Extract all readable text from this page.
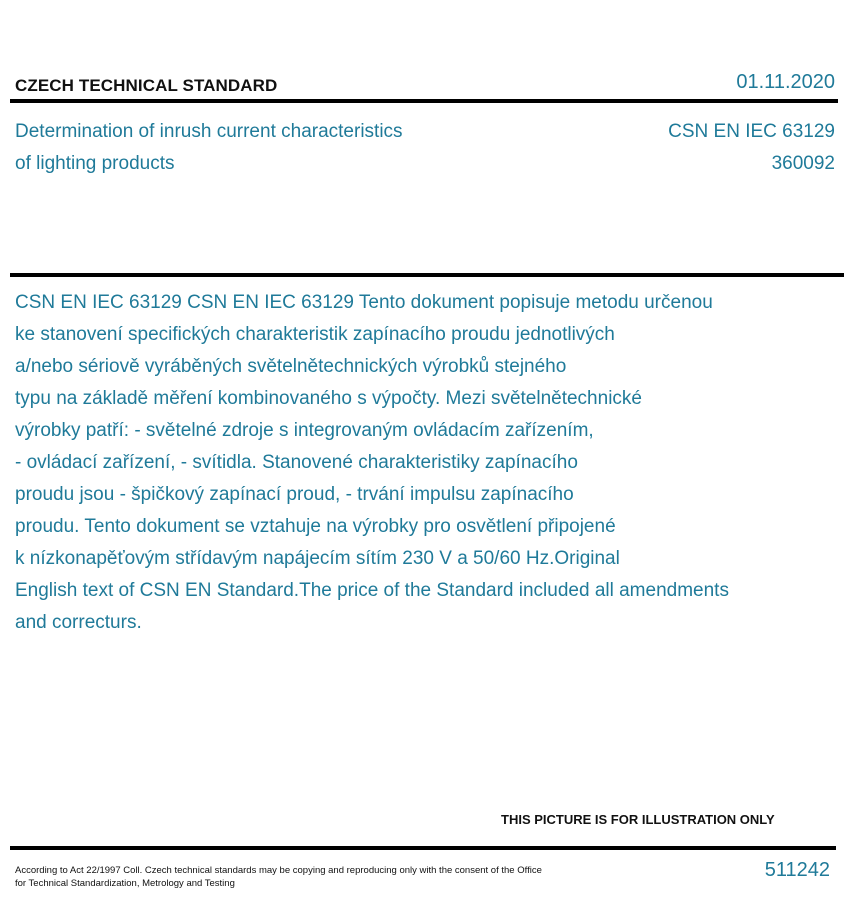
CZECH TECHNICAL STANDARD	01.11.2020
Determination of inrush current characteristics
of lighting products
CSN EN IEC 63129
360092
CSN EN IEC 63129 CSN EN IEC 63129 Tento dokument popisuje metodu určenou
ke stanovení specifických charakteristik zapínacího proudu jednotlivých
a/nebo sériově vyráběných světelnětechnických výrobků stejného
typu na základě měření kombinovaného s výpočty. Mezi světelnětechnické
výrobky patří: - světelné zdroje s integrovaným ovládacím zařízením,
- ovládací zařízení, - svítidla. Stanovené charakteristiky zapínacího
proudu jsou - špičkový zapínací proud, - trvání impulsu zapínacího
proudu. Tento dokument se vztahuje na výrobky pro osvětlení připojené
k nízkonapěťovým střídavým napájecím sítím 230 V a 50/60 Hz.Original
English text of CSN EN Standard.The price of the Standard included all amendments
and correcturs.
THIS PICTURE IS FOR ILLUSTRATION ONLY
According to Act 22/1997 Coll. Czech technical standards may be copying and reproducing only with the consent of the Office
for Technical Standardization, Metrology and Testing
511242
